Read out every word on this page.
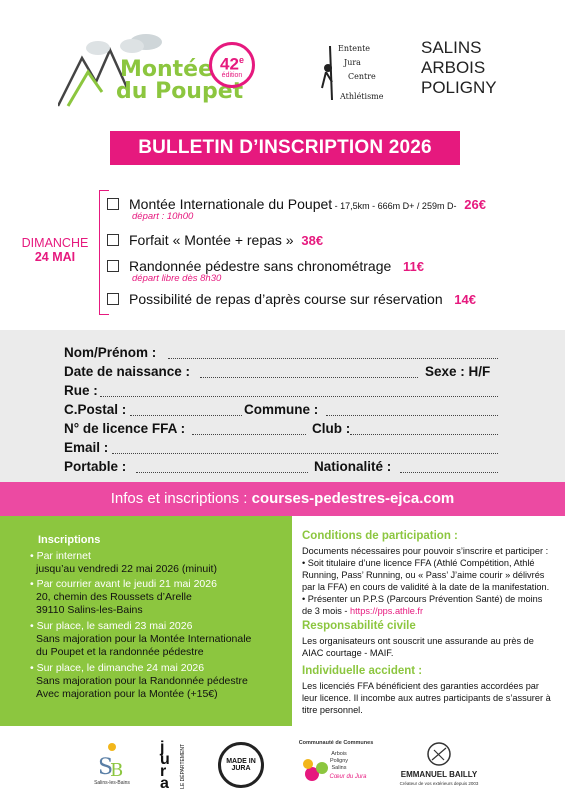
Montée
du Poupet
42e
édition
Entente
Jura
Centre
Athlétisme
SALINS
ARBOIS
POLIGNY
BULLETIN D’INSCRIPTION 2026
DIMANCHE
24 MAI
Montée Internationale du Poupet - 17,5km - 666m D+ / 259m D- 26€
départ : 10h00
Forfait « Montée + repas » 38€
Randonnée pédestre sans chronométrage 11€
départ libre dès 8h30
Possibilité de repas d’après course sur réservation 14€
Nom/Prénom :
Date de naissance :	Sexe : H/F
Rue :
C.Postal :	Commune :
N° de licence FFA :	Club :
Email :
Portable :	Nationalité :
Infos et inscriptions : courses-pedestres-ejca.com
Inscriptions
• Par internet
jusqu’au vendredi 22 mai 2026 (minuit)
• Par courrier avant le jeudi 21 mai 2026
20, chemin des Roussets d’Arelle
39110 Salins-les-Bains
• Sur place, le samedi 23 mai 2026
Sans majoration pour la Montée Internationale
du Poupet et la randonnée pédestre
• Sur place, le dimanche 24 mai 2026
Sans majoration pour la Randonnée pédestre
Avec majoration pour la Montée (+15€)
Conditions de participation :
Documents nécessaires pour pouvoir s’inscrire et participer :
• Soit titulaire d’une licence FFA (Athlé Compétition, Athlé Running, Pass’ Running, ou « Pass’ J’aime courir » délivrés par la FFA) en cours de validité à la date de la manifestation.
• Présenter un P.P.S (Parcours Prévention Santé) de moins de 3 mois - https://pps.athle.fr
Responsabilité civile
Les organisateurs ont souscrit une assurande au près de AIAC courtage - MAIF.
Individuelle accident :
Les licenciés FFA bénéficient des garanties accordées par leur licence. Il incombe aux autres participants de s’assurer à titre personnel.
S
B
Salins-les-Bains
jura	LE DÉPARTEMENT	MADE IN JURA
Communauté de Communes
Arbois
Poligny
Salins
Cœur du Jura	EMMANUEL BAILLY
Créateur de vos extérieurs depuis 2003
